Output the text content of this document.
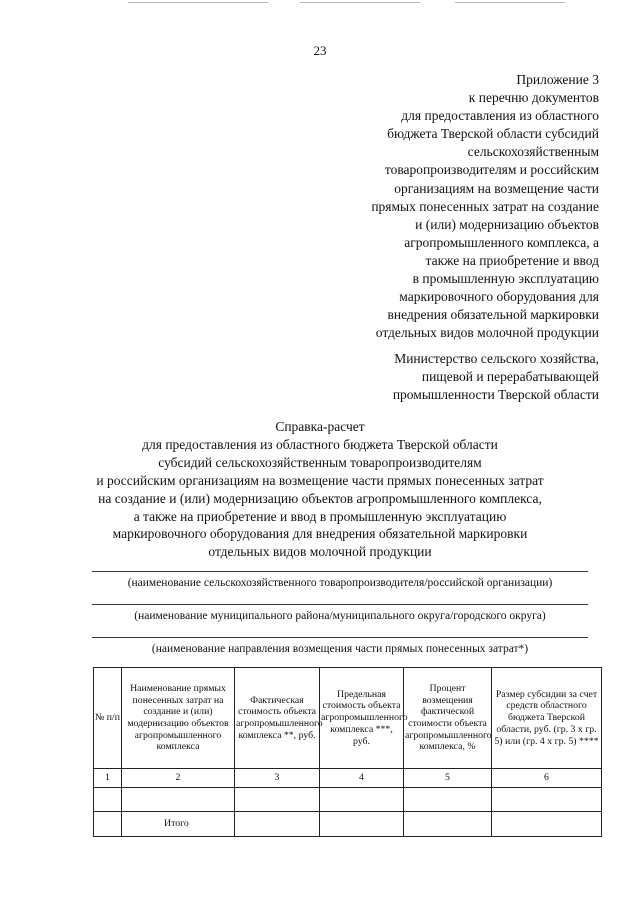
23
Приложение 3
к перечню документов
для предоставления из областного
бюджета Тверской области субсидий
сельскохозяйственным
товаропроизводителям и российским
организациям на возмещение части
прямых понесенных затрат на создание
и (или) модернизацию объектов
агропромышленного комплекса, а
также на приобретение и ввод
в промышленную эксплуатацию
маркировочного оборудования для
внедрения обязательной маркировки
отдельных видов молочной продукции
Министерство сельского хозяйства,
пищевой и перерабатывающей
промышленности Тверской области
Справка-расчет
для предоставления из областного бюджета Тверской области
субсидий сельскохозяйственным товаропроизводителям
и российским организациям на возмещение части прямых понесенных затрат
на создание и (или) модернизацию объектов агропромышленного комплекса,
а также на приобретение и ввод в промышленную эксплуатацию
маркировочного оборудования для внедрения обязательной маркировки
отдельных видов молочной продукции
(наименование сельскохозяйственного товаропроизводителя/российской организации)
(наименование муниципального района/муниципального округа/городского округа)
(наименование направления возмещения части прямых понесенных затрат*)
№ п/п	Наименование прямых понесенных затрат на создание и (или) модернизацию объектов агропромышленного комплекса	Фактическая стоимость объекта агропромышленного комплекса **, руб.	Предельная стоимость объекта агропромышленного комплекса ***, руб.	Процент возмещения фактической стоимости объекта агропромышленного комплекса, %	Размер субсидии за счет средств областного бюджета Тверской области, руб. (гр. 3 x гр. 5) или (гр. 4 x гр. 5) ****
1	2	3	4	5	6

	Итого				
